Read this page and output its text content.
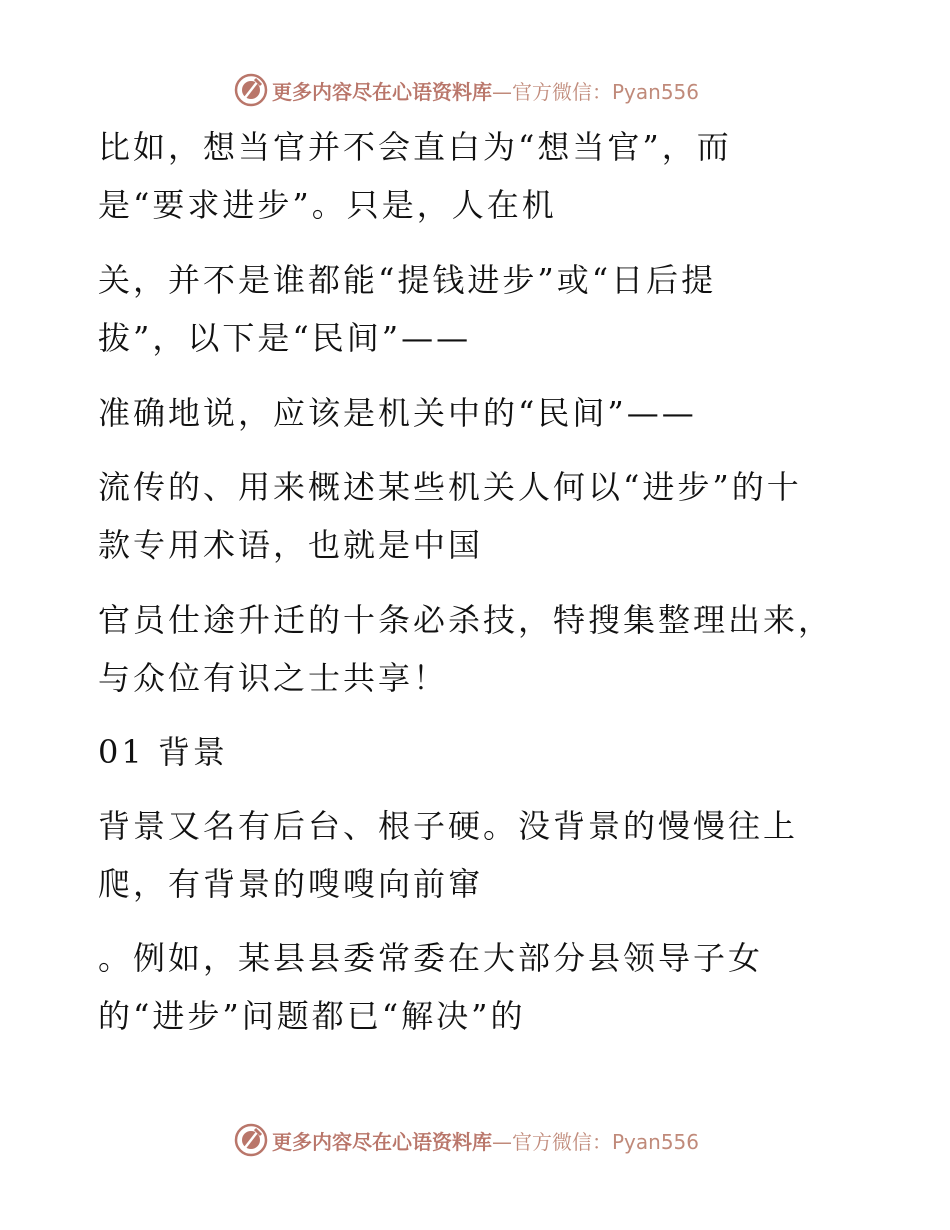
更多内容尽在心语资料库—官方微信：Pyan556
比如，想当官并不会直白为“想当官”，而
是“要求进步”。只是，人在机
关，并不是谁都能“提钱进步”或“日后提
拔”，以下是“民间”——
准确地说，应该是机关中的“民间”——
流传的、用来概述某些机关人何以“进步”的十
款专用术语，也就是中国
官员仕途升迁的十条必杀技，特搜集整理出来，
与众位有识之士共享！
01 背景
背景又名有后台、根子硬。没背景的慢慢往上
爬，有背景的嗖嗖向前窜
。例如，某县县委常委在大部分县领导子女
的“进步”问题都已“解决”的
更多内容尽在心语资料库—官方微信：Pyan556
